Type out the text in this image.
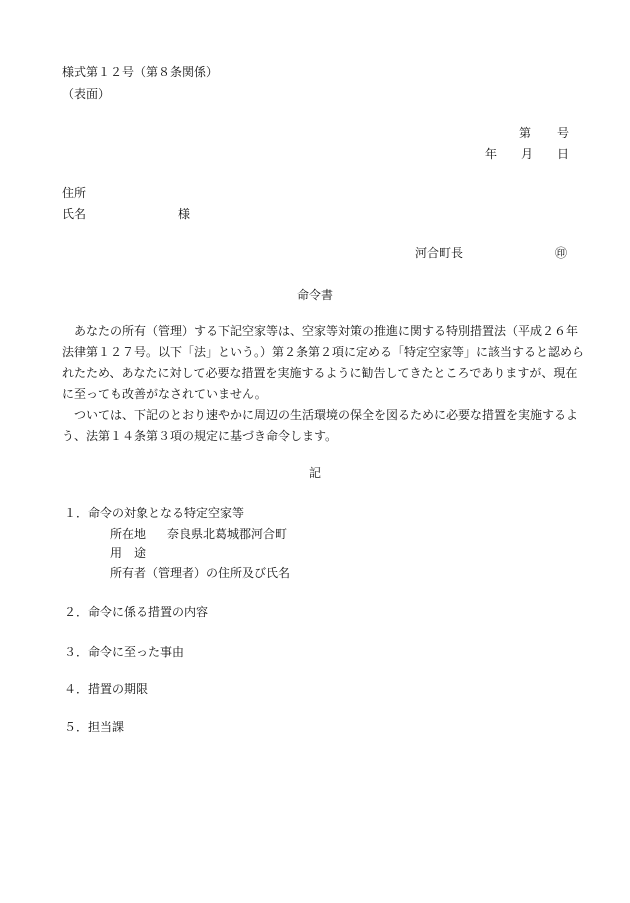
様式第１２号（第８条関係）
（表面）
第 号
年 月 日
住所
氏名	様
河合町長	㊞
命令書
　あなたの所有（管理）する下記空家等は、空家等対策の推進に関する特別措置法（平成２６年
法律第１２７号。以下「法」という。）第２条第２項に定める「特定空家等」に該当すると認めら
れたため、あなたに対して必要な措置を実施するように勧告してきたところでありますが、現在
に至っても改善がなされていません。
　ついては、下記のとおり速やかに周辺の生活環境の保全を図るために必要な措置を実施するよ
う、法第１４条第３項の規定に基づき命令します。
記
１．命令の対象となる特定空家等
所在地 奈良県北葛城郡河合町
用　途
所有者（管理者）の住所及び氏名
２．命令に係る措置の内容
３．命令に至った事由
４．措置の期限
５．担当課
